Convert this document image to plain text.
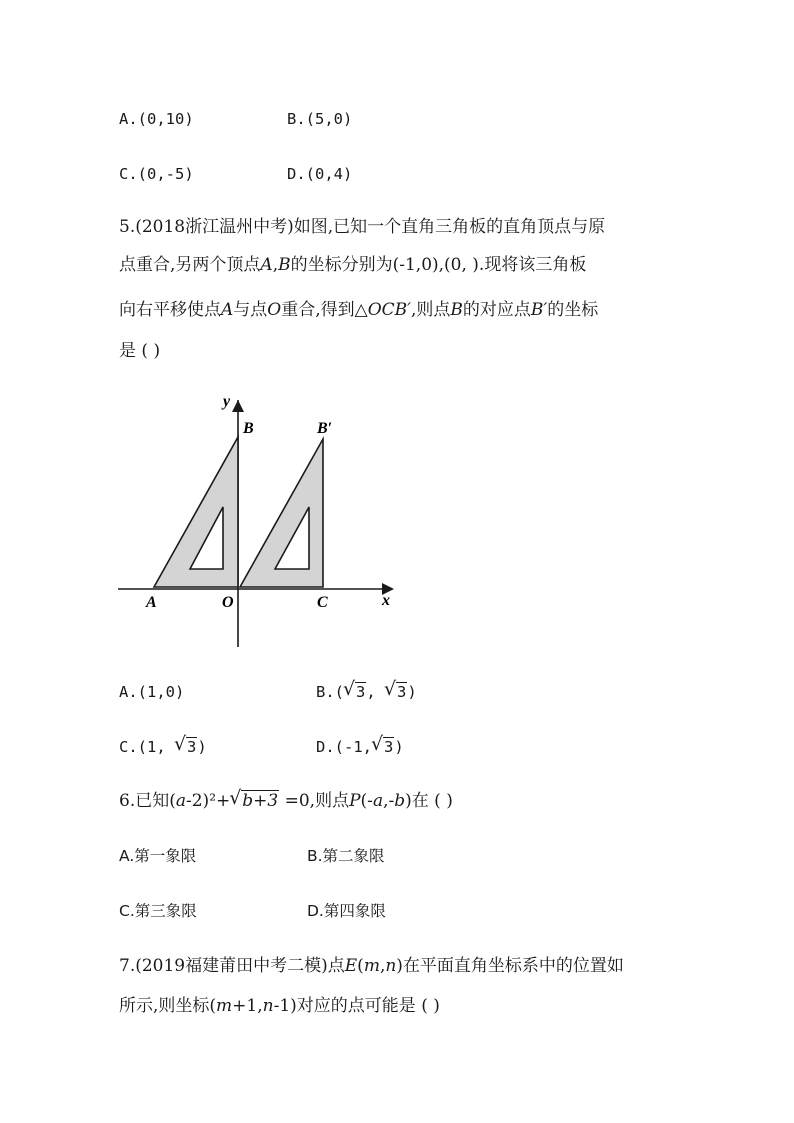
A.(0,10)	B.(5,0)
C.(0,-5)	D.(0,4)
5.(2018浙江温州中考)如图,已知一个直角三角板的直角顶点与原
点重合,另两个顶点A,B的坐标分别为(-1,0),(0, ).现将该三角板
向右平移使点A与点O重合,得到△OCB′,则点B的对应点B′的坐标
是 ( )
y
x
B	B′
A	O	C
A.(1,0)	B.( √ 3, √ 3)
C.(1, √ 3)	D.(-1, √ 3)
6.已知(a-2)²+ √ b+3 =0,则点P(-a,-b)在 ( )
A.第一象限	B.第二象限
C.第三象限	D.第四象限
7.(2019福建莆田中考二模)点E(m,n)在平面直角坐标系中的位置如
所示,则坐标(m+1,n-1)对应的点可能是 ( )
